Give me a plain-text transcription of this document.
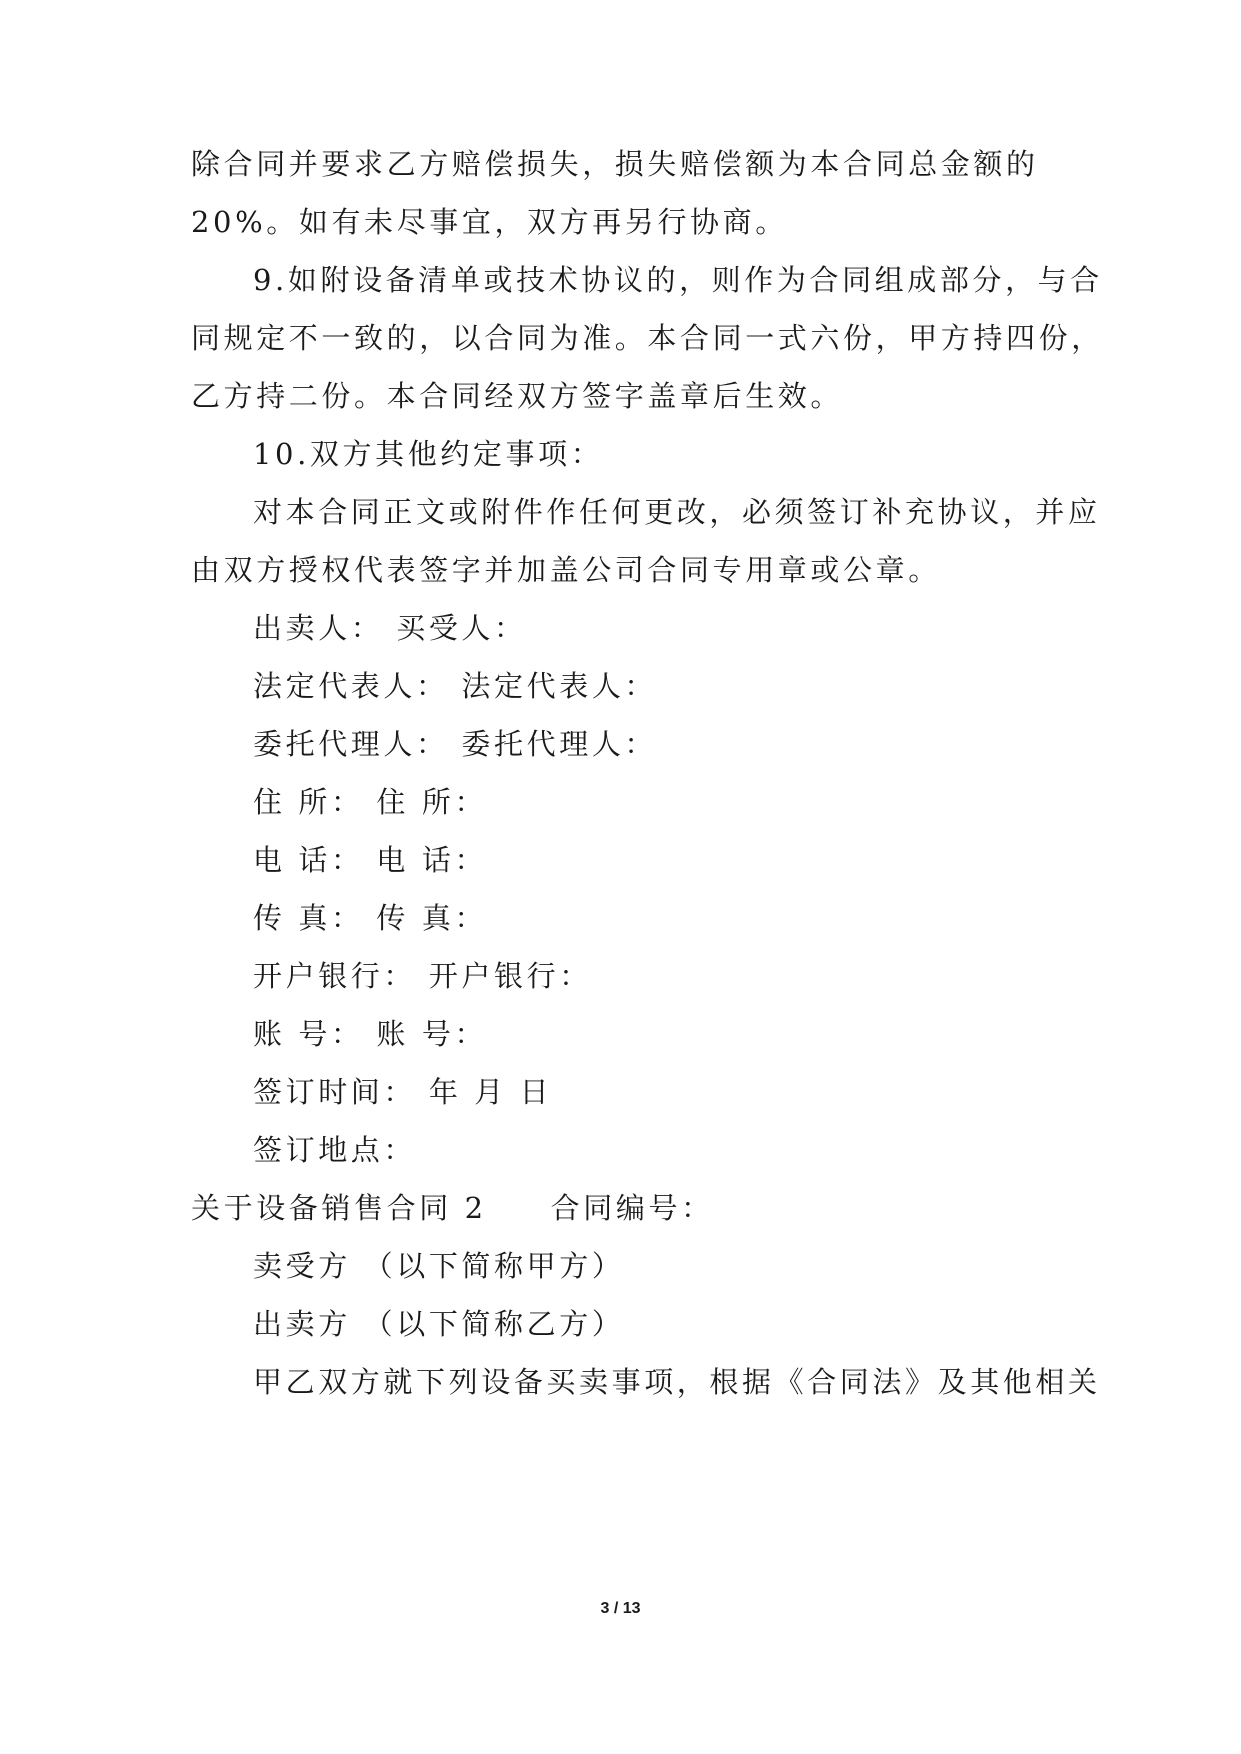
除合同并要求乙方赔偿损失，损失赔偿额为本合同总金额的
20%。如有未尽事宜，双方再另行协商。
9.如附设备清单或技术协议的，则作为合同组成部分，与合
同规定不一致的，以合同为准。本合同一式六份，甲方持四份，
乙方持二份。本合同经双方签字盖章后生效。
10.双方其他约定事项：
对本合同正文或附件作任何更改，必须签订补充协议，并应
由双方授权代表签字并加盖公司合同专用章或公章。
出卖人： 买受人：
法定代表人： 法定代表人：
委托代理人： 委托代理人：
住 所： 住 所：
电 话： 电 话：
传 真： 传 真：
开户银行： 开户银行：
账 号： 账 号：
签订时间： 年 月 日
签订地点：
关于设备销售合同 2 合同编号：
卖受方 （以下简称甲方）
出卖方 （以下简称乙方）
甲乙双方就下列设备买卖事项，根据《合同法》及其他相关
3 / 13
